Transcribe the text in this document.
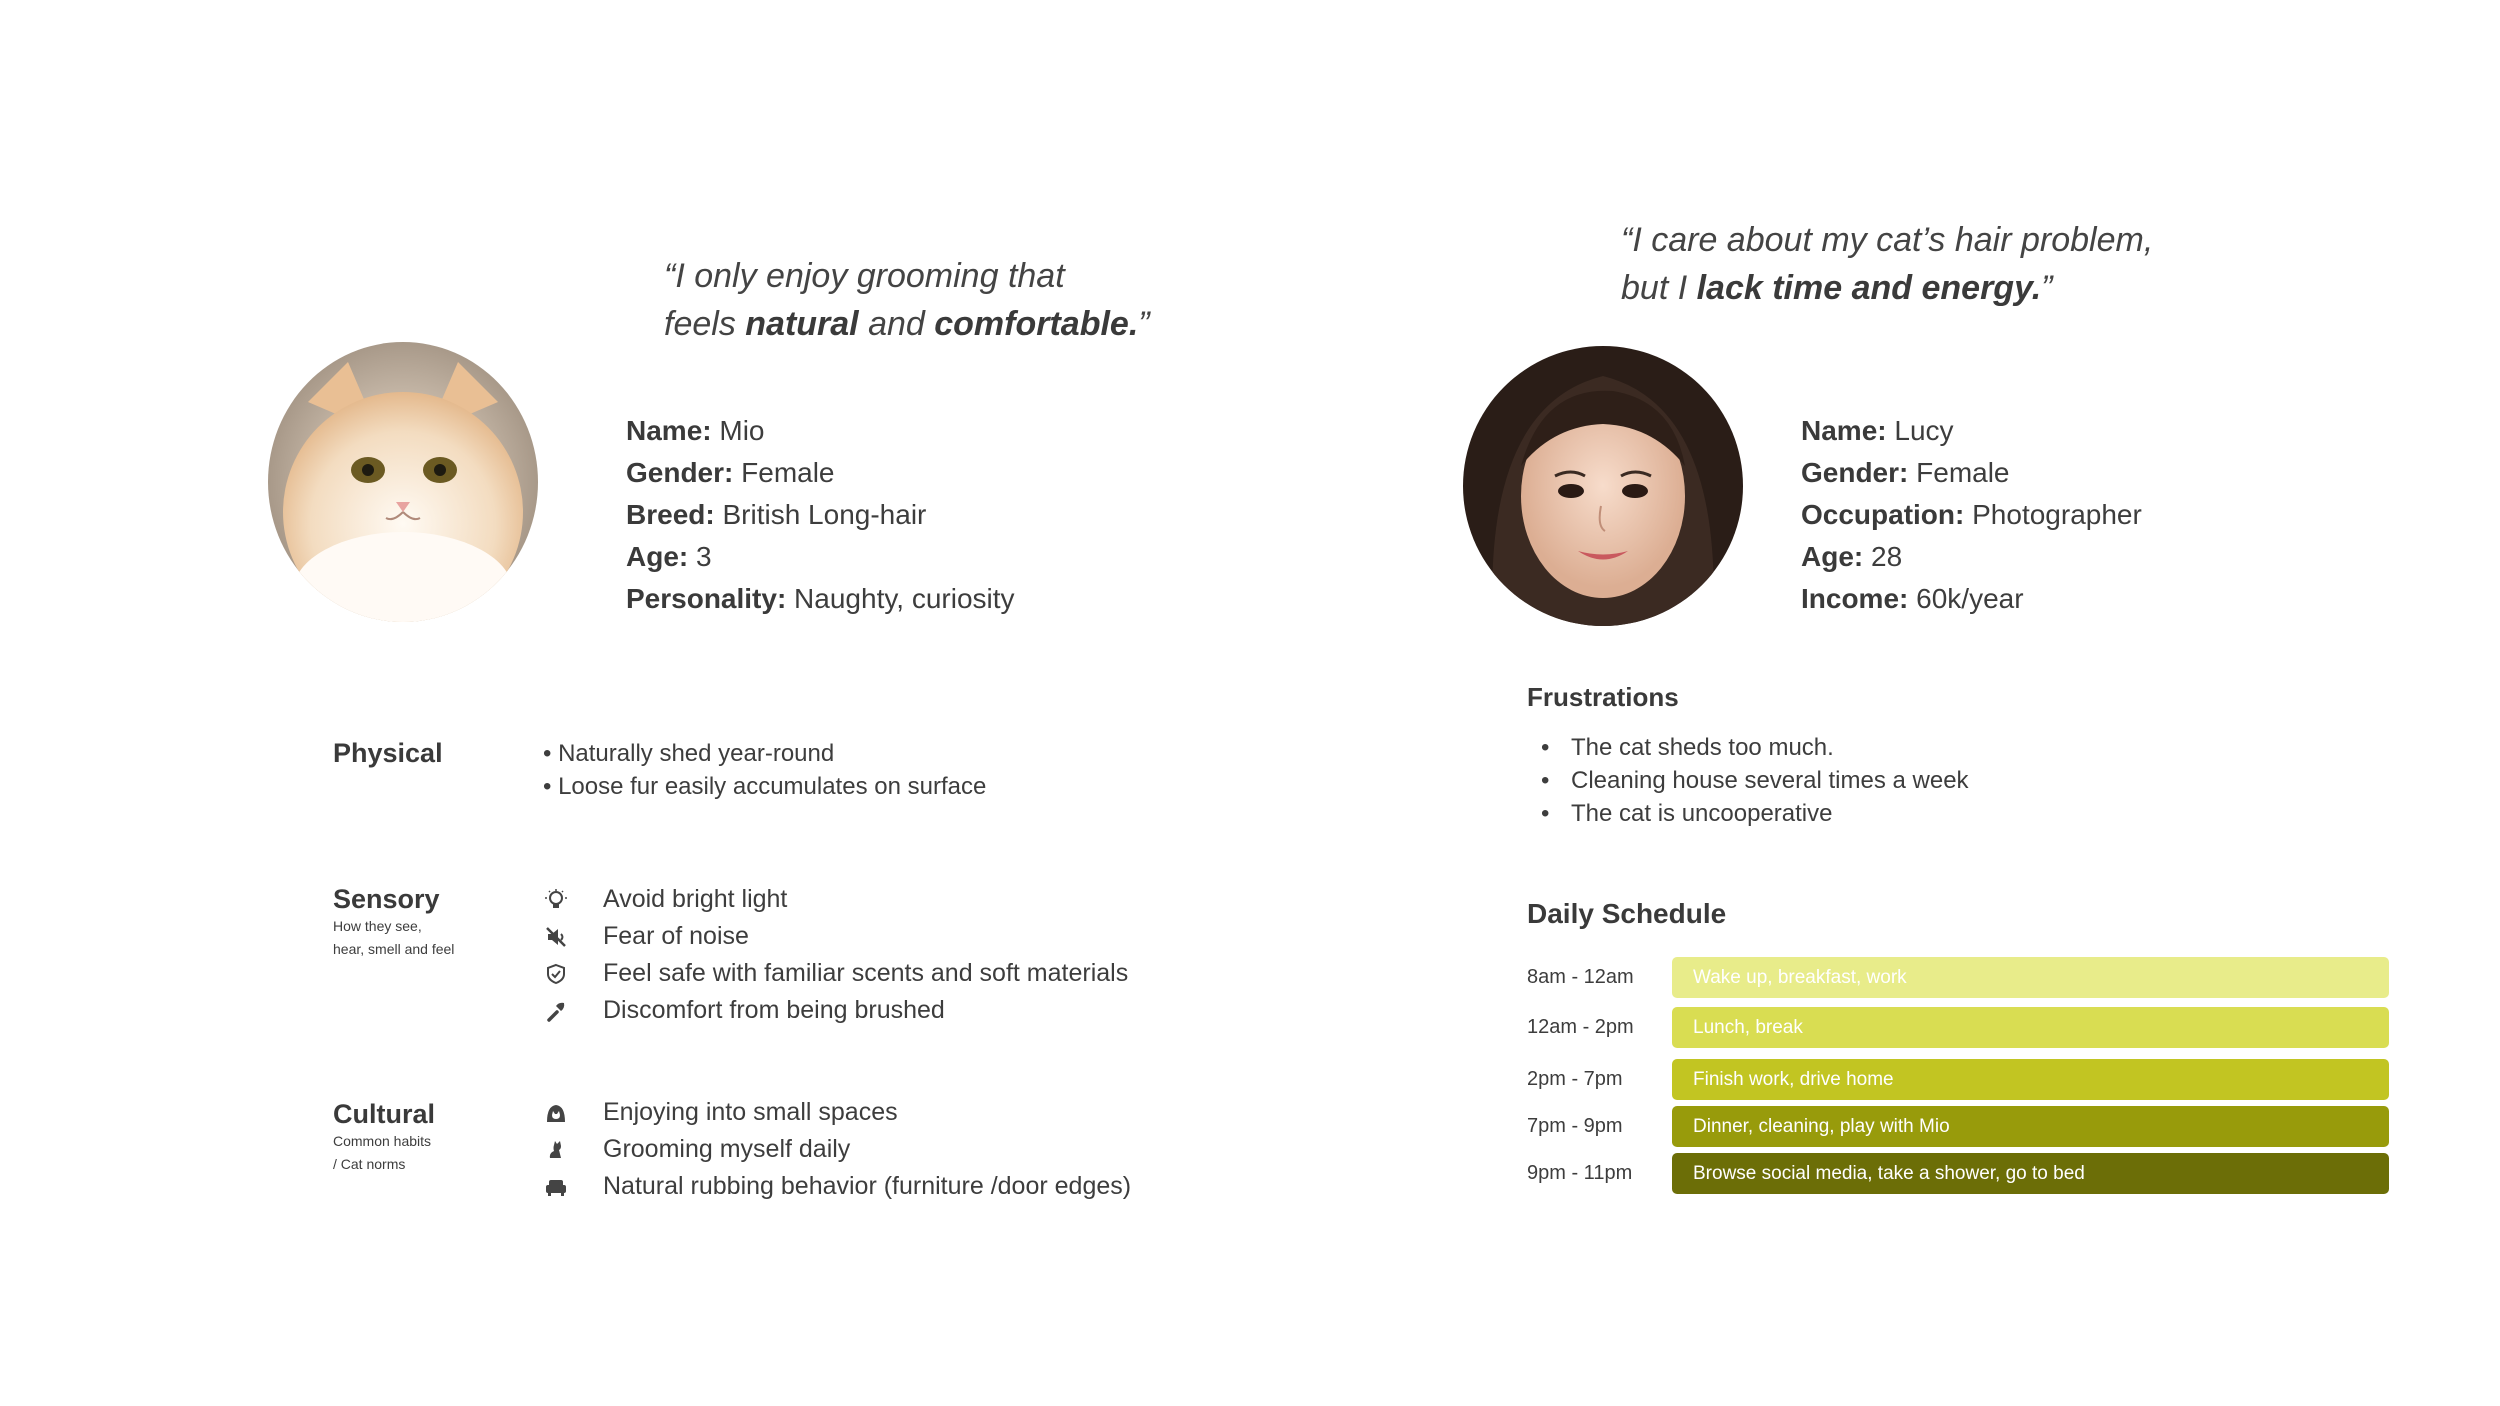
“I only enjoy grooming that
feels natural and comfortable.”
Name: Mio
Gender: Female
Breed: British Long-hair
Age: 3
Personality: Naughty, curiosity
Physical
•	Naturally shed year-round
• Loose fur easily accumulates on surface
Sensory
How they see,
hear, smell and feel
Avoid bright light
Fear of noise
Feel safe with familiar scents and soft materials
Discomfort from being brushed
Cultural
Common habits
/ Cat norms
Enjoying into small spaces
Grooming myself daily
Natural rubbing behavior (furniture /door edges)
“I care about my cat’s hair problem,
but I lack time and energy.”
Name: Lucy
Gender: Female
Occupation: Photographer
Age: 28
Income: 60k/year
Frustrations
• The cat sheds too much.
• Cleaning house several times a week
• The cat is uncooperative
Daily Schedule
8am - 12am	Wake up, breakfast, work
12am - 2pm	Lunch, break
2pm - 7pm	Finish work, drive home
7pm - 9pm	Dinner, cleaning, play with Mio
9pm - 11pm	Browse social media, take a shower, go to bed
